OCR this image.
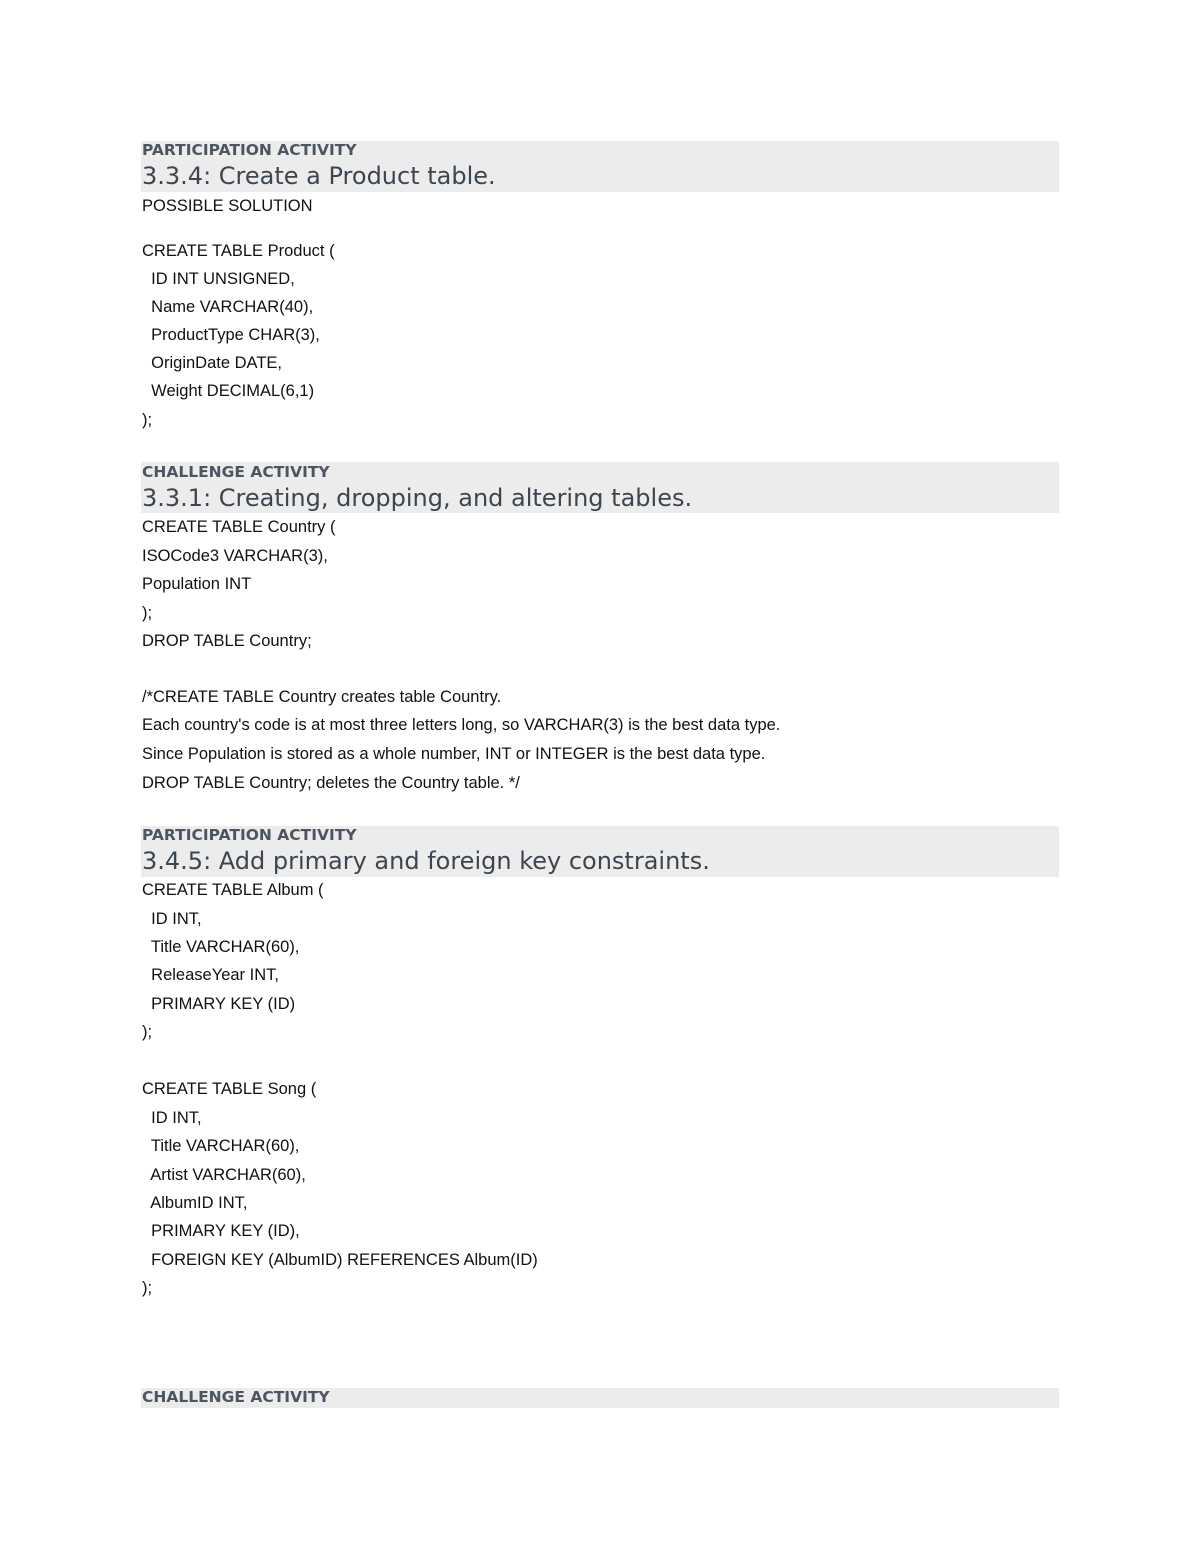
PARTICIPATION ACTIVITY
3.3.4: Create a Product table.
POSSIBLE SOLUTION
CREATE TABLE Product (
ID INT UNSIGNED,
Name VARCHAR(40),
ProductType CHAR(3),
OriginDate DATE,
Weight DECIMAL(6,1)
);
CHALLENGE ACTIVITY
3.3.1: Creating, dropping, and altering tables.
CREATE TABLE Country (
ISOCode3 VARCHAR(3),
Population INT
);
DROP TABLE Country;
/*CREATE TABLE Country creates table Country.
Each country's code is at most three letters long, so VARCHAR(3) is the best data type.
Since Population is stored as a whole number, INT or INTEGER is the best data type.
DROP TABLE Country; deletes the Country table. */
PARTICIPATION ACTIVITY
3.4.5: Add primary and foreign key constraints.
CREATE TABLE Album (
ID INT,
Title VARCHAR(60),
ReleaseYear INT,
PRIMARY KEY (ID)
);
CREATE TABLE Song (
ID INT,
Title VARCHAR(60),
Artist VARCHAR(60),
AlbumID INT,
PRIMARY KEY (ID),
FOREIGN KEY (AlbumID) REFERENCES Album(ID)
);
CHALLENGE ACTIVITY
